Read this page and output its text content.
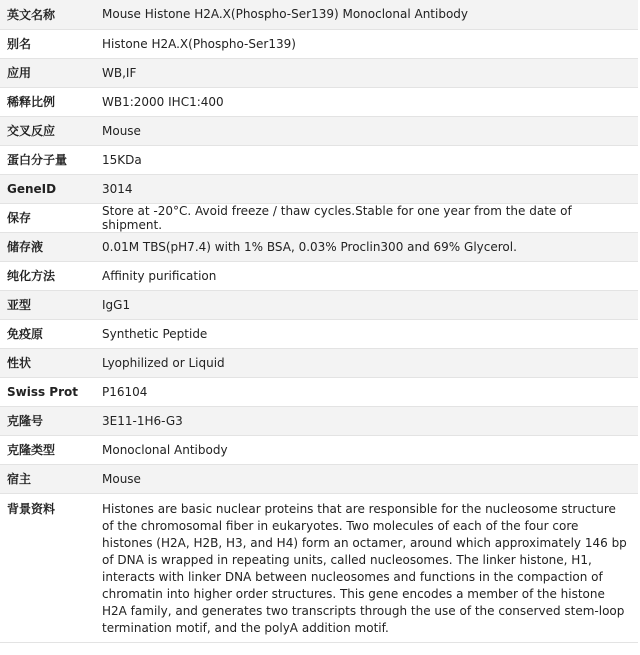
英文名称	Mouse Histone H2A.X(Phospho-Ser139) Monoclonal Antibody
别名	Histone H2A.X(Phospho-Ser139)
应用	WB,IF
稀释比例	WB1:2000 IHC1:400
交叉反应	Mouse
蛋白分子量	15KDa
GeneID	3014
保存	Store at -20°C. Avoid freeze / thaw cycles.Stable for one year from the date of shipment.
储存液	0.01M TBS(pH7.4) with 1% BSA, 0.03% Proclin300 and 69% Glycerol.
纯化方法	Affinity purification
亚型	IgG1
免疫原	Synthetic Peptide
性状	Lyophilized or Liquid
Swiss Prot	P16104
克隆号	3E11-1H6-G3
克隆类型	Monoclonal Antibody
宿主	Mouse
背景资料	Histones are basic nuclear proteins that are responsible for the nucleosome structure of the chromosomal fiber in eukaryotes. Two molecules of each of the four core histones (H2A, H2B, H3, and H4) form an octamer, around which approximately 146 bp of DNA is wrapped in repeating units, called nucleosomes. The linker histone, H1, interacts with linker DNA between nucleosomes and functions in the compaction of chromatin into higher order structures. This gene encodes a member of the histone H2A family, and generates two transcripts through the use of the conserved stem-loop termination motif, and the polyA addition motif.
